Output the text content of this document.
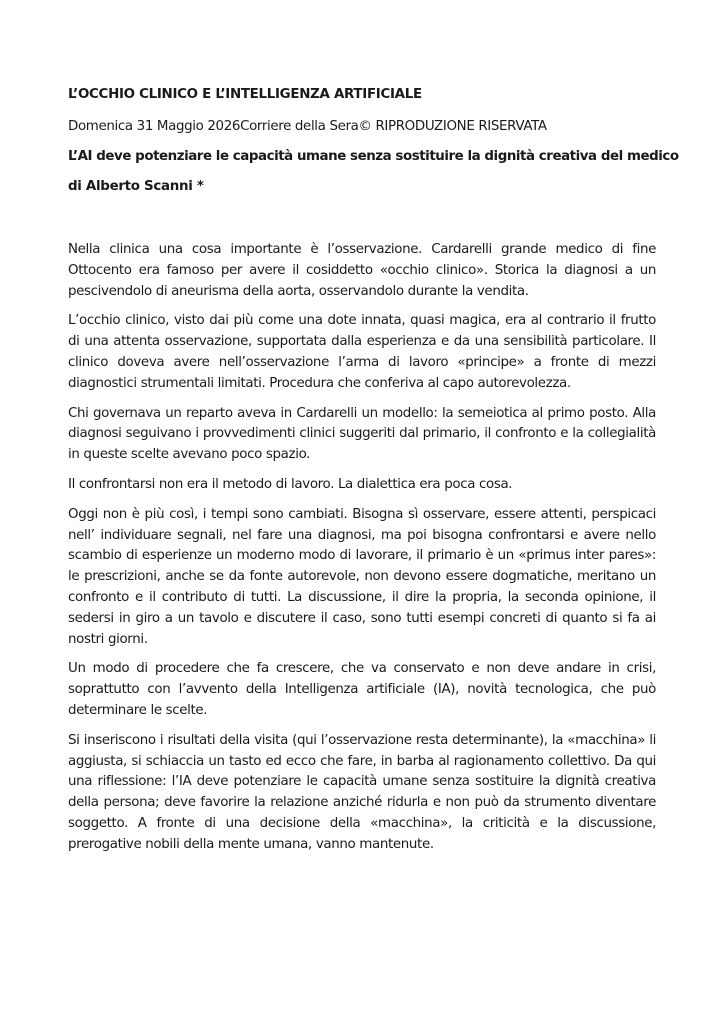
L’OCCHIO CLINICO E L’INTELLIGENZA ARTIFICIALE
Domenica 31 Maggio 2026Corriere della Sera© RIPRODUZIONE RISERVATA
L’AI deve potenziare le capacità umane senza sostituire la dignità creativa del medico
di Alberto Scanni *

Nella clinica una cosa importante è l’osservazione. Cardarelli grande medico di fine Ottocento era famoso per avere il cosiddetto «occhio clinico». Storica la diagnosi a un pescivendolo di aneurisma della aorta, osservandolo durante la vendita.

L’occhio clinico, visto dai più come una dote innata, quasi magica, era al contrario il frutto di una attenta osservazione, supportata dalla esperienza e da una sensibilità particolare. Il clinico doveva avere nell’osservazione l’arma di lavoro «principe» a fronte di mezzi diagnostici strumentali limitati. Procedura che conferiva al capo autorevolezza.

Chi governava un reparto aveva in Cardarelli un modello: la semeiotica al primo posto. Alla diagnosi seguivano i provvedimenti clinici suggeriti dal primario, il confronto e la collegialità in queste scelte avevano poco spazio.

Il confrontarsi non era il metodo di lavoro. La dialettica era poca cosa.

Oggi non è più così, i tempi sono cambiati. Bisogna sì osservare, essere attenti, perspicaci nell’ individuare segnali, nel fare una diagnosi, ma poi bisogna confrontarsi e avere nello scambio di esperienze un moderno modo di lavorare, il primario è un «primus inter pares»: le prescrizioni, anche se da fonte autorevole, non devono essere dogmatiche, meritano un confronto e il contributo di tutti. La discussione, il dire la propria, la seconda opinione, il sedersi in giro a un tavolo e discutere il caso, sono tutti esempi concreti di quanto si fa ai nostri giorni.

Un modo di procedere che fa crescere, che va conservato e non deve andare in crisi, soprattutto con l’avvento della Intelligenza artificiale (IA), novità tecnologica, che può determinare le scelte.

Si inseriscono i risultati della visita (qui l’osservazione resta determinante), la «macchina» li aggiusta, si schiaccia un tasto ed ecco che fare, in barba al ragionamento collettivo. Da qui una riflessione: l’IA deve potenziare le capacità umane senza sostituire la dignità creativa della persona; deve favorire la relazione anziché ridurla e non può da strumento diventare soggetto. A fronte di una decisione della «macchina», la criticità e la discussione, prerogative nobili della mente umana, vanno mantenute.
